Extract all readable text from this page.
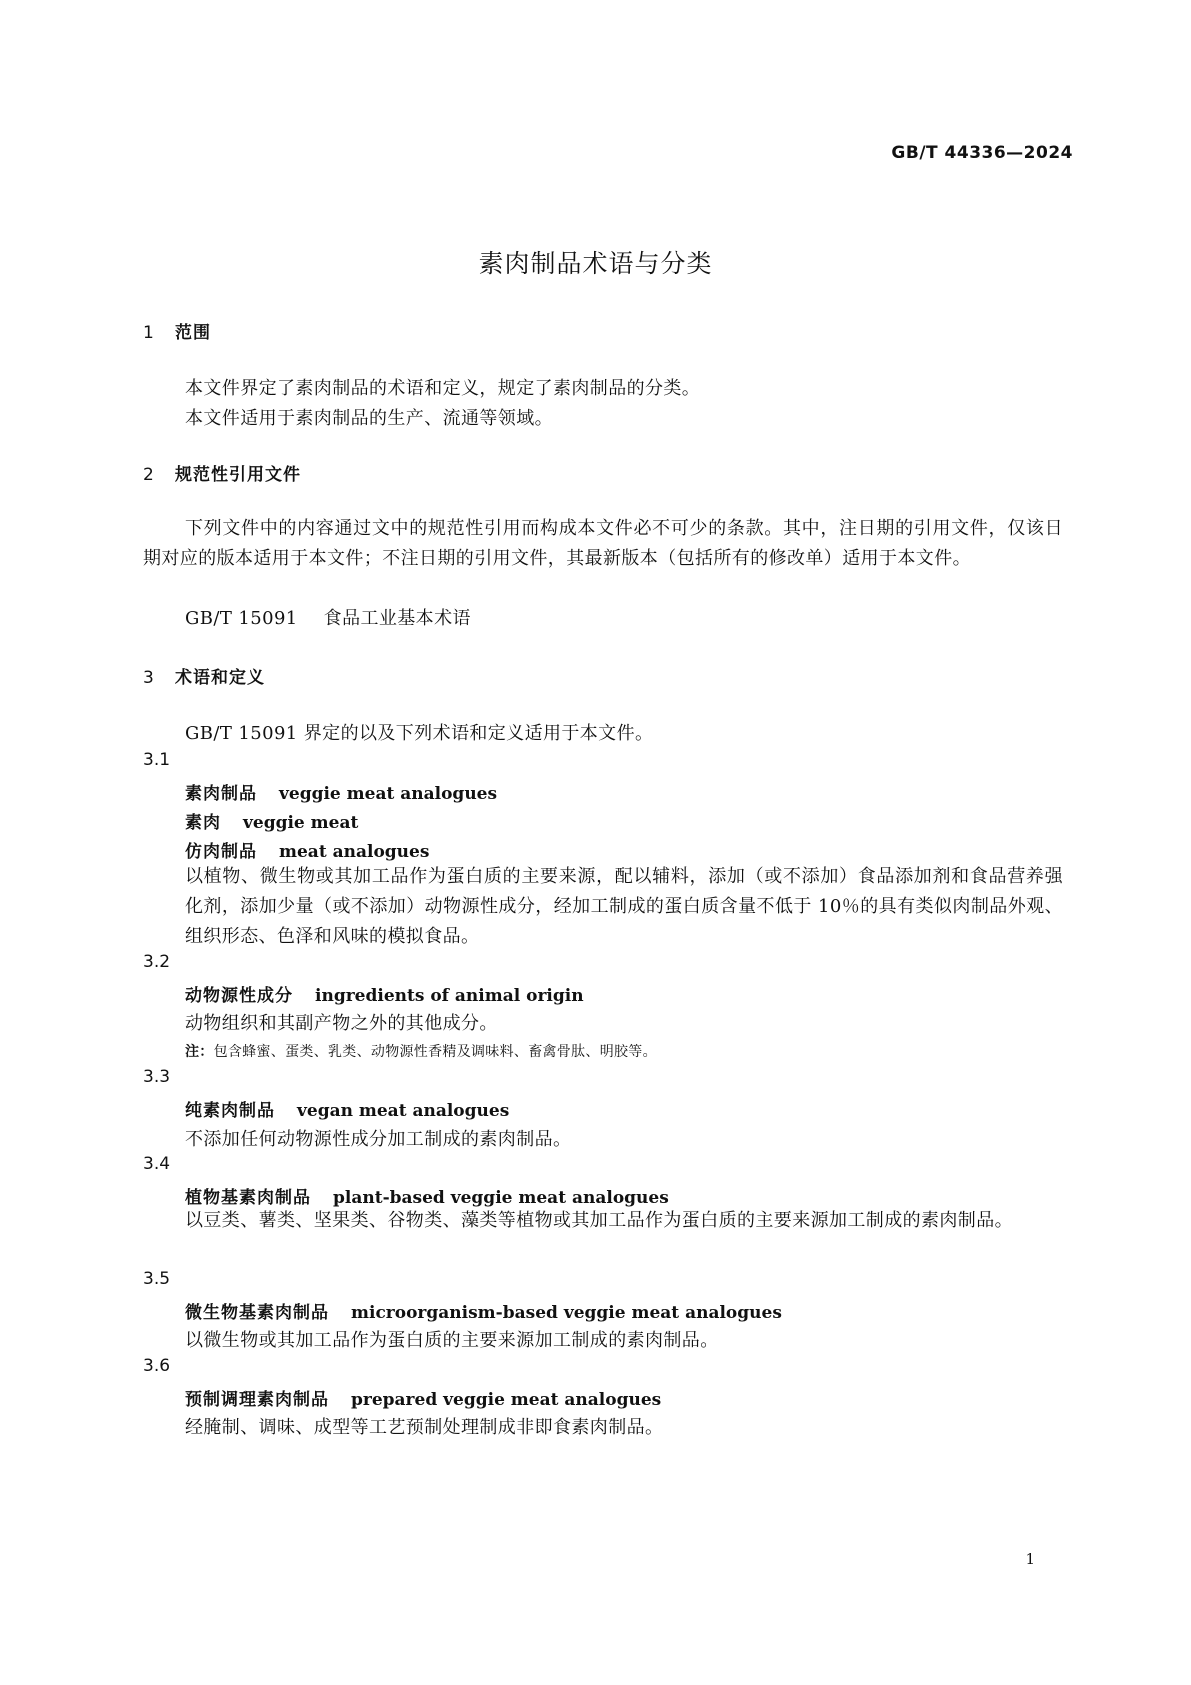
GB/T 44336—2024
素肉制品术语与分类
1 范围
本文件界定了素肉制品的术语和定义，规定了素肉制品的分类。
本文件适用于素肉制品的生产、流通等领域。
2 规范性引用文件
下列文件中的内容通过文中的规范性引用而构成本文件必不可少的条款。其中，注日期的引用文件，仅该日期对应的版本适用于本文件；不注日期的引用文件，其最新版本（包括所有的修改单）适用于本文件。
GB/T 15091 食品工业基本术语
3 术语和定义
GB/T 15091 界定的以及下列术语和定义适用于本文件。
3.1
素肉制品 veggie meat analogues
素肉 veggie meat
仿肉制品 meat analogues
以植物、微生物或其加工品作为蛋白质的主要来源，配以辅料，添加（或不添加）食品添加剂和食品营养强化剂，添加少量（或不添加）动物源性成分，经加工制成的蛋白质含量不低于 10％的具有类似肉制品外观、组织形态、色泽和风味的模拟食品。
3.2
动物源性成分 ingredients of animal origin
动物组织和其副产物之外的其他成分。
注：包含蜂蜜、蛋类、乳类、动物源性香精及调味料、畜禽骨肽、明胶等。
3.3
纯素肉制品 vegan meat analogues
不添加任何动物源性成分加工制成的素肉制品。
3.4
植物基素肉制品 plant-based veggie meat analogues
以豆类、薯类、坚果类、谷物类、藻类等植物或其加工品作为蛋白质的主要来源加工制成的素肉制品。
3.5
微生物基素肉制品 microorganism-based veggie meat analogues
以微生物或其加工品作为蛋白质的主要来源加工制成的素肉制品。
3.6
预制调理素肉制品 prepared veggie meat analogues
经腌制、调味、成型等工艺预制处理制成非即食素肉制品。
1
